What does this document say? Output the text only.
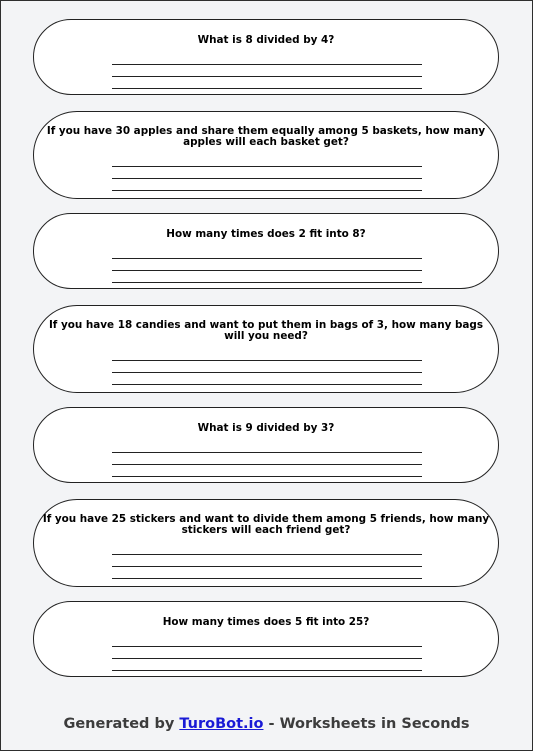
What is 8 divided by 4?

If you have 30 apples and share them equally among 5 baskets, how many apples will each basket get?

How many times does 2 fit into 8?

If you have 18 candies and want to put them in bags of 3, how many bags will you need?

What is 9 divided by 3?

If you have 25 stickers and want to divide them among 5 friends, how many stickers will each friend get?

How many times does 5 fit into 25?

Generated by TuroBot.io - Worksheets in Seconds
